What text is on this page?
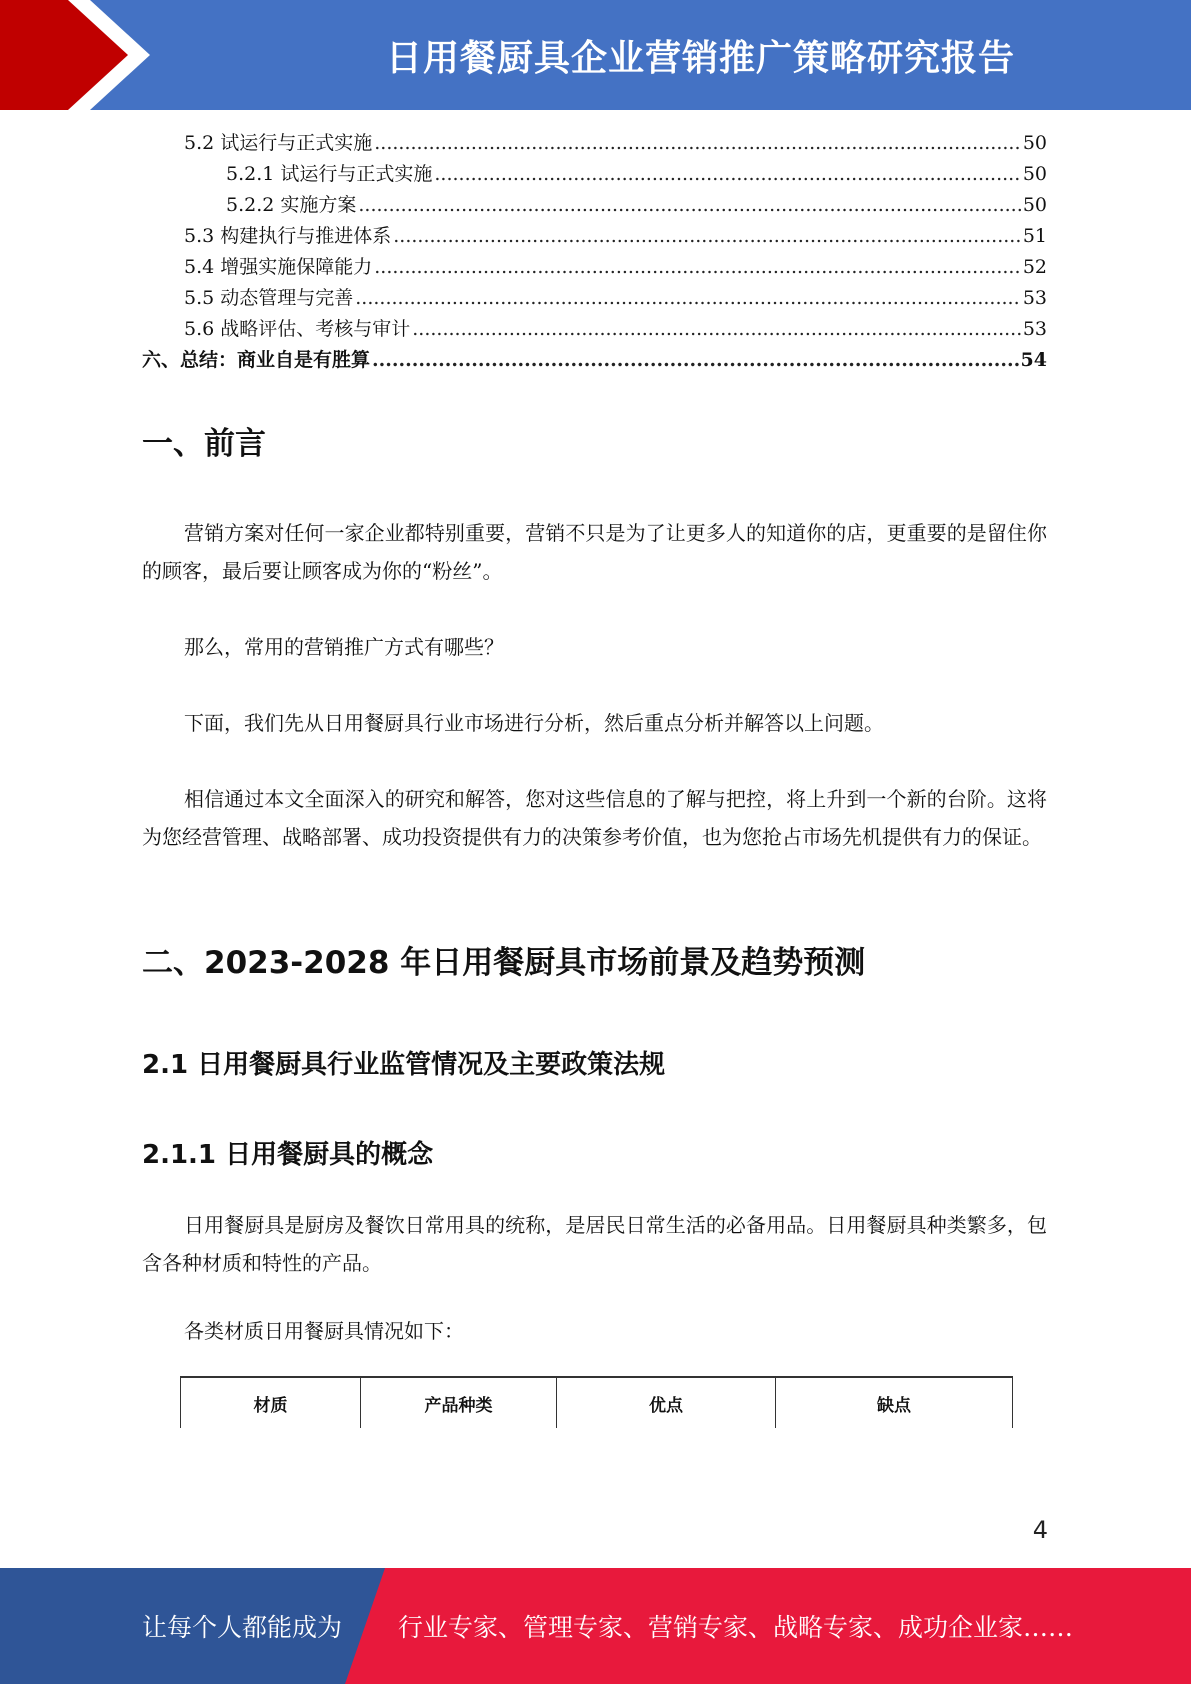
日用餐厨具企业营销推广策略研究报告
5.2 试运行与正式实施 .....	50
5.2.1 试运行与正式实施 .....	50
5.2.2 实施方案 .....	50
5.3 构建执行与推进体系 .....	51
5.4 增强实施保障能力 .....	52
5.5 动态管理与完善 .....	53
5.6 战略评估、考核与审计 .....	53
六、总结：商业自是有胜算 .....	54
一、前言
营销方案对任何一家企业都特别重要，营销不只是为了让更多人的知道你的店，更重要的是留住你的顾客，最后要让顾客成为你的“粉丝”。
那么，常用的营销推广方式有哪些？
下面，我们先从日用餐厨具行业市场进行分析，然后重点分析并解答以上问题。
相信通过本文全面深入的研究和解答，您对这些信息的了解与把控，将上升到一个新的台阶。这将为您经营管理、战略部署、成功投资提供有力的决策参考价值，也为您抢占市场先机提供有力的保证。
二、2023-2028 年日用餐厨具市场前景及趋势预测
2.1 日用餐厨具行业监管情况及主要政策法规
2.1.1 日用餐厨具的概念
日用餐厨具是厨房及餐饮日常用具的统称，是居民日常生活的必备用品。日用餐厨具种类繁多，包含各种材质和特性的产品。
各类材质日用餐厨具情况如下：
材质	产品种类	优点	缺点
4
让每个人都能成为 行业专家、管理专家、营销专家、战略专家、成功企业家……
